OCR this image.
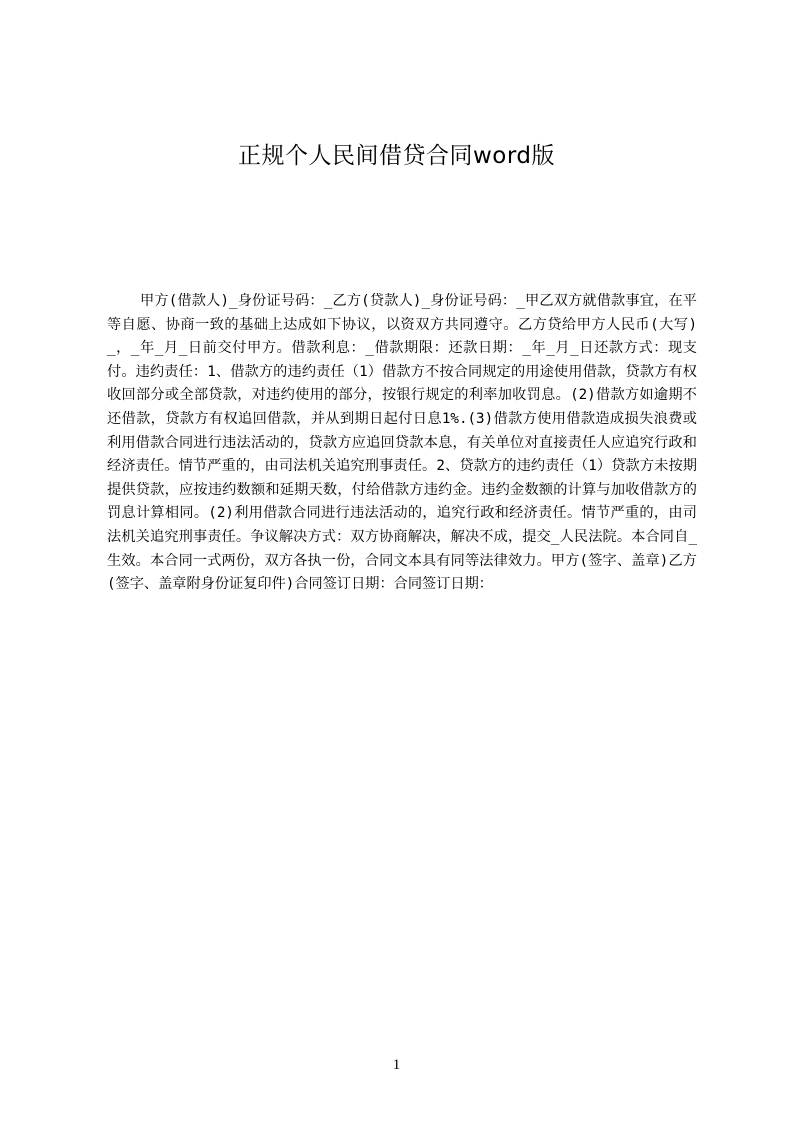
正规个人民间借贷合同word版

甲方(借款人)_身份证号码：_乙方(贷款人)_身份证号码：_甲乙双方就借款事宜，在平等自愿、协商一致的基础上达成如下协议，以资双方共同遵守。乙方贷给甲方人民币(大写)_，_年_月_日前交付甲方。借款利息：_借款期限：还款日期：_年_月_日还款方式：现支付。违约责任：1、借款方的违约责任（1）借款方不按合同规定的用途使用借款，贷款方有权收回部分或全部贷款，对违约使用的部分，按银行规定的利率加收罚息。(2)借款方如逾期不还借款，贷款方有权追回借款，并从到期日起付日息1%.(3)借款方使用借款造成损失浪费或利用借款合同进行违法活动的，贷款方应追回贷款本息，有关单位对直接责任人应追究行政和经济责任。情节严重的，由司法机关追究刑事责任。2、贷款方的违约责任（1）贷款方未按期提供贷款，应按违约数额和延期天数，付给借款方违约金。违约金数额的计算与加收借款方的罚息计算相同。(2)利用借款合同进行违法活动的，追究行政和经济责任。情节严重的，由司法机关追究刑事责任。争议解决方式：双方协商解决，解决不成，提交_人民法院。本合同自_生效。本合同一式两份，双方各执一份，合同文本具有同等法律效力。甲方(签字、盖章)乙方(签字、盖章附身份证复印件)合同签订日期：合同签订日期：

1
